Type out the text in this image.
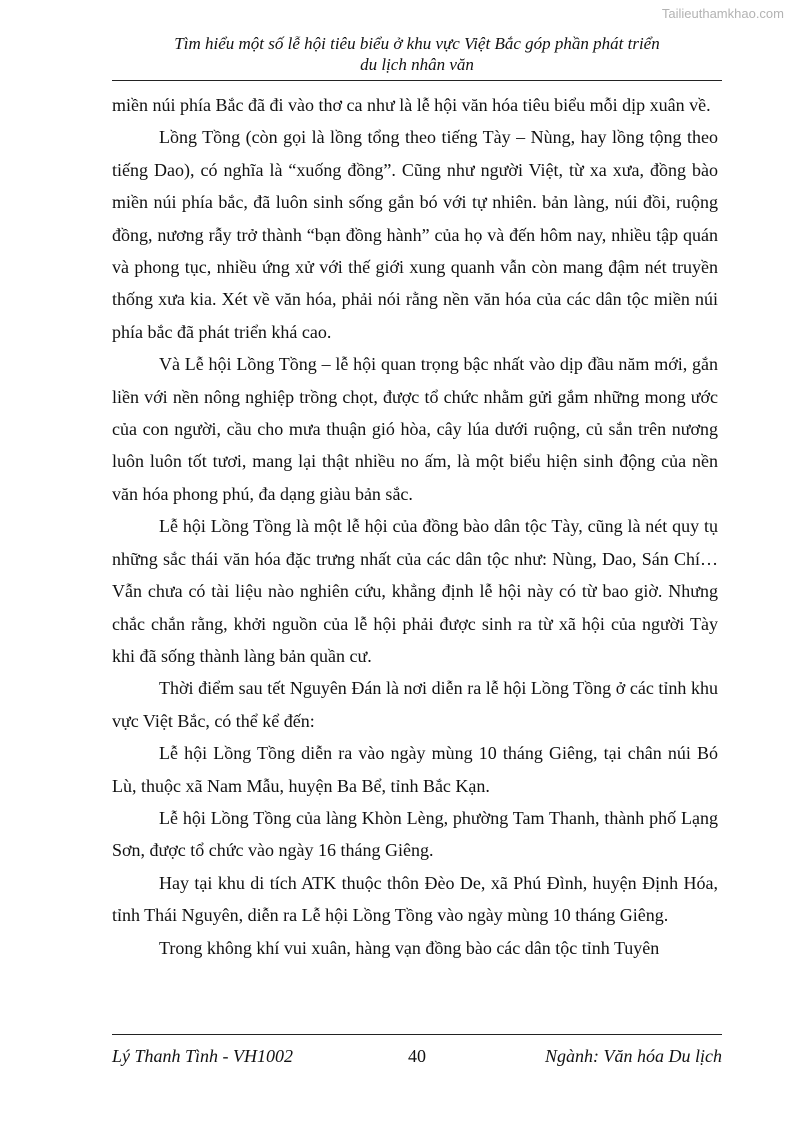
Tailieuthamkhao.com
Tìm hiểu một số lễ hội tiêu biểu ở khu vực Việt Bắc góp phần phát triển
du lịch nhân văn

miền núi phía Bắc đã đi vào thơ ca như là lễ hội văn hóa tiêu biểu mỗi dịp xuân về.

Lồng Tồng (còn gọi là lồng tổng theo tiếng Tày – Nùng, hay lồng tộng theo tiếng Dao), có nghĩa là “xuống đồng”. Cũng như người Việt, từ xa xưa, đồng bào miền núi phía bắc, đã luôn sinh sống gắn bó với tự nhiên. bản làng, núi đồi, ruộng đồng, nương rẫy trở thành “bạn đồng hành” của họ và đến hôm nay, nhiều tập quán và phong tục, nhiều ứng xử với thế giới xung quanh vẫn còn mang đậm nét truyền thống xưa kia. Xét về văn hóa, phải nói rằng nền văn hóa của các dân tộc miền núi phía bắc đã phát triển khá cao.

Và Lễ hội Lồng Tồng – lễ hội quan trọng bậc nhất vào dịp đầu năm mới, gắn liền với nền nông nghiệp trồng chọt, được tổ chức nhằm gửi gắm những mong ước của con người, cầu cho mưa thuận gió hòa, cây lúa dưới ruộng, củ sắn trên nương luôn luôn tốt tươi, mang lại thật nhiều no ấm, là một biểu hiện sinh động của nền văn hóa phong phú, đa dạng giàu bản sắc.

Lễ hội Lồng Tồng là một lễ hội của đồng bào dân tộc Tày, cũng là nét quy tụ những sắc thái văn hóa đặc trưng nhất của các dân tộc như: Nùng, Dao, Sán Chí… Vẫn chưa có tài liệu nào nghiên cứu, khẳng định lễ hội này có từ bao giờ. Nhưng chắc chắn rằng, khởi nguồn của lễ hội phải được sinh ra từ xã hội của người Tày khi đã sống thành làng bản quần cư.

Thời điểm sau tết Nguyên Đán là nơi diễn ra lễ hội Lồng Tồng ở các tỉnh khu vực Việt Bắc, có thể kể đến:

Lễ hội Lồng Tồng diễn ra vào ngày mùng 10 tháng Giêng, tại chân núi Bó Lù, thuộc xã Nam Mẫu, huyện Ba Bể, tỉnh Bắc Kạn.

Lễ hội Lồng Tồng của làng Khòn Lèng, phường Tam Thanh, thành phố Lạng Sơn, được tổ chức vào ngày 16 tháng Giêng.

Hay tại khu di tích ATK thuộc thôn Đèo De, xã Phú Đình, huyện Định Hóa, tỉnh Thái Nguyên, diễn ra Lễ hội Lồng Tồng vào ngày mùng 10 tháng Giêng.

Trong không khí vui xuân, hàng vạn đồng bào các dân tộc tỉnh Tuyên

Lý Thanh Tình - VH1002	40	Ngành: Văn hóa Du lịch
